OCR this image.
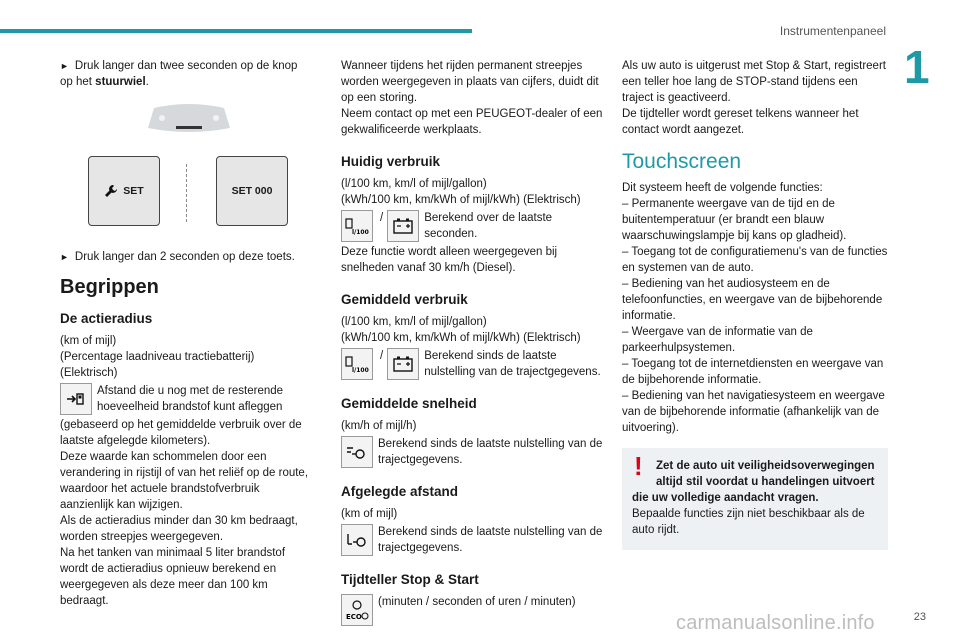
Instrumentenpaneel
1
► Druk langer dan twee seconden op de knop op het stuurwiel.
SET	SET 000
► Druk langer dan 2 seconden op deze toets.
Begrippen
De actieradius
(km of mijl)
(Percentage laadniveau tractiebatterij) (Elektrisch)
Afstand die u nog met de resterende hoeveelheid brandstof kunt afleggen
(gebaseerd op het gemiddelde verbruik over de laatste afgelegde kilometers).
Deze waarde kan schommelen door een verandering in rijstijl of van het reliëf op de route, waardoor het actuele brandstofverbruik aanzienlijk kan wijzigen.
Als de actieradius minder dan 30 km bedraagt, worden streepjes weergegeven.
Na het tanken van minimaal 5 liter brandstof wordt de actieradius opnieuw berekend en weergegeven als deze meer dan 100 km bedraagt.
Wanneer tijdens het rijden permanent streepjes worden weergegeven in plaats van cijfers, duidt dit op een storing.
Neem contact op met een PEUGEOT-dealer of een gekwalificeerde werkplaats.
Huidig verbruik
(l/100 km, km/l of mijl/gallon)
(kWh/100 km, km/kWh of mijl/kWh) (Elektrisch)
l/100
/	Berekend over de laatste seconden.
Deze functie wordt alleen weergegeven bij snelheden vanaf 30 km/h (Diesel).
Gemiddeld verbruik
(l/100 km, km/l of mijl/gallon)
(kWh/100 km, km/kWh of mijl/kWh) (Elektrisch)
l/100
/	Berekend sinds de laatste nulstelling van de trajectgegevens.
Gemiddelde snelheid
(km/h of mijl/h)
Berekend sinds de laatste nulstelling van de trajectgegevens.
Afgelegde afstand
(km of mijl)
Berekend sinds de laatste nulstelling van de trajectgegevens.
Tijdteller Stop & Start
ECO
(minuten / seconden of uren / minuten)
Als uw auto is uitgerust met Stop & Start, registreert een teller hoe lang de STOP-stand tijdens een traject is geactiveerd.
De tijdteller wordt gereset telkens wanneer het contact wordt aangezet.
Touchscreen
Dit systeem heeft de volgende functies:
– Permanente weergave van de tijd en de buitentemperatuur (er brandt een blauw waarschuwingslampje bij kans op gladheid).
– Toegang tot de configuratiemenu's van de functies en systemen van de auto.
– Bediening van het audiosysteem en de telefoonfuncties, en weergave van de bijbehorende informatie.
– Weergave van de informatie van de parkeerhulpsystemen.
– Toegang tot de internetdiensten en weergave van de bijbehorende informatie.
– Bediening van het navigatiesysteem en weergave van de bijbehorende informatie (afhankelijk van de uitvoering).
!	Zet de auto uit veiligheidsoverwegingen altijd stil voordat u handelingen uitvoert
die uw volledige aandacht vragen.
Bepaalde functies zijn niet beschikbaar als de auto rijdt.
carmanualsonline.info	23
